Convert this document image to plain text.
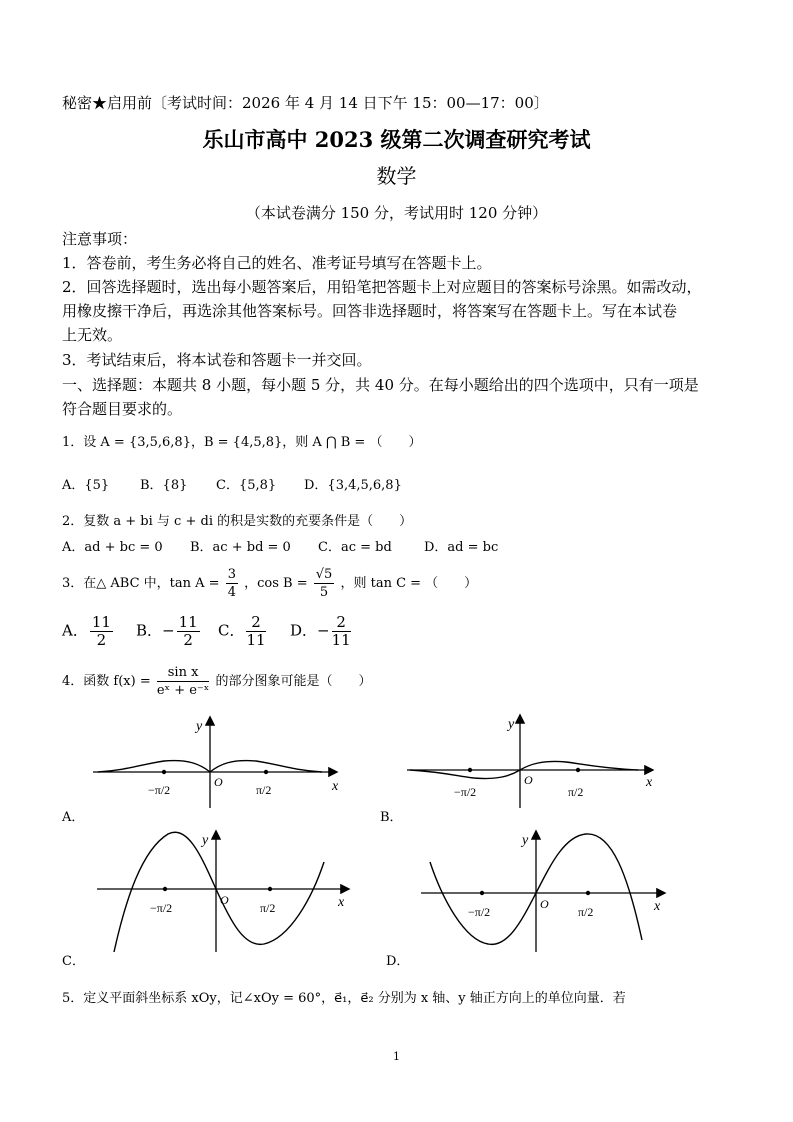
秘密★启用前〔考试时间：2026 年 4 月 14 日下午 15：00—17：00〕
乐山市高中 2023 级第二次调查研究考试
数学
（本试卷满分 150 分，考试用时 120 分钟）
注意事项：
1．答卷前，考生务必将自己的姓名、准考证号填写在答题卡上。
2．回答选择题时，选出每小题答案后，用铅笔把答题卡上对应题目的答案标号涂黑。如需改动，
用橡皮擦干净后，再选涂其他答案标号。回答非选择题时，将答案写在答题卡上。写在本试卷
上无效。
3．考试结束后，将本试卷和答题卡一并交回。
一、选择题：本题共 8 小题，每小题 5 分，共 40 分。在每小题给出的四个选项中，只有一项是
符合题目要求的。
1．设 A = {3,5,6,8}，B = {4,5,8}，则 A ⋂ B = （　　）
A．{5} B．{8} C．{5,8} D．{3,4,5,6,8}
2．复数 a + bi 与 c + di 的积是实数的充要条件是（　　）
A．ad + bc = 0 B．ac + bd = 0 C．ac = bd D．ad = bc
3．在△ ABC 中，$\tan A = \frac{3}{4}$ ，$\cos B = \frac{√5}{5}$ ，则 tan C = （　　）
A． $\frac{11}{2}$ B．− $\frac{11}{2}$ C． $\frac{2}{11}$ D．− $\frac{2}{11}$
4．函数 $f(x) = \frac{\text{sin x}}{\text{eˣ + e⁻ˣ}}$ 的部分图象可能是（　　）
y
x
O
−π/2	π/2
A．
y
x
O
−π/2	π/2
B．
y
x
O
−π/2	π/2
C．
y
x
O
−π/2	π/2
D．
5．定义平面斜坐标系 xOy，记∠xOy = 60°，e⃗₁，e⃗₂ 分别为 x 轴、y 轴正方向上的单位向量．若
1
